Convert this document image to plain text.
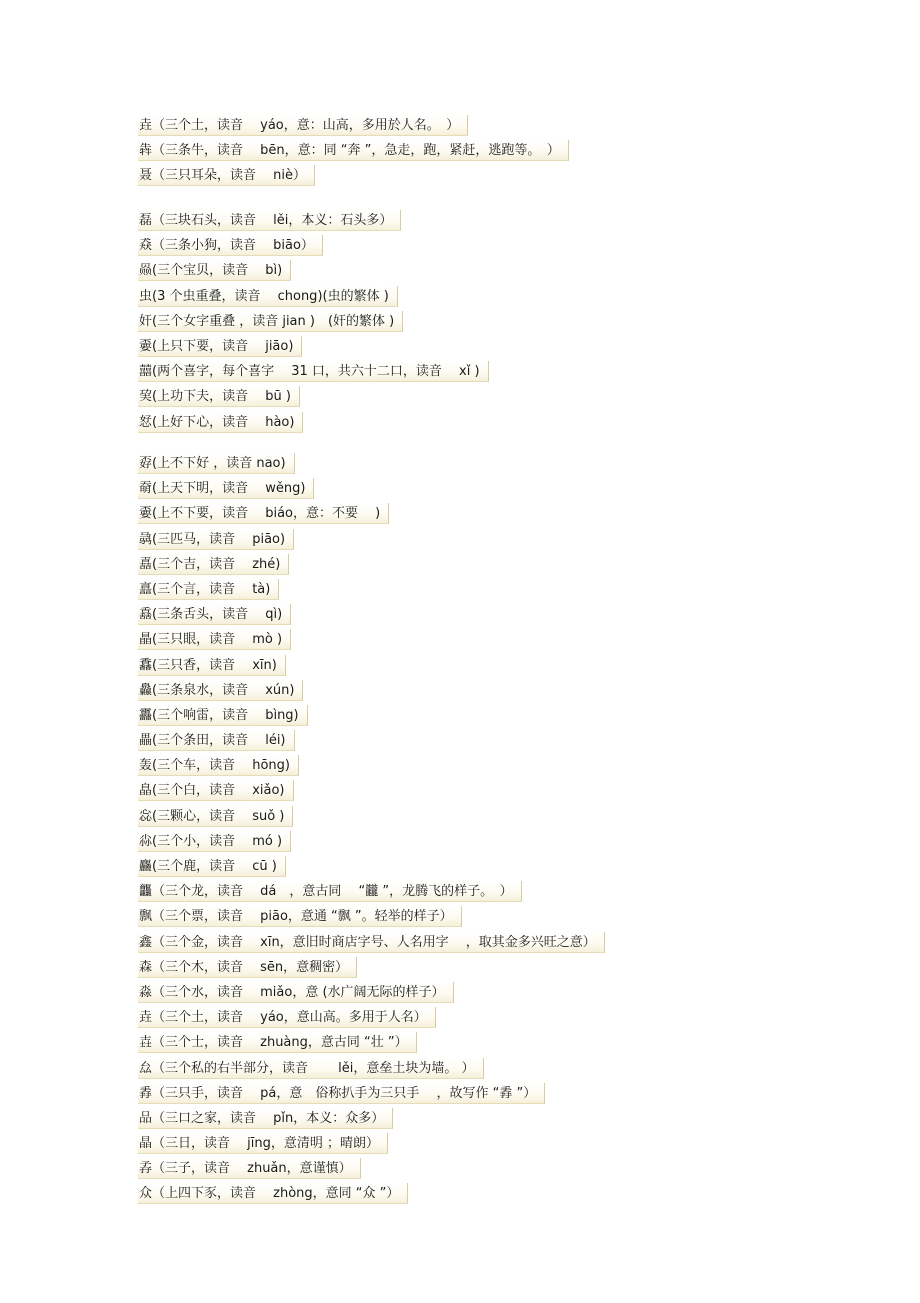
垚（三个土，读音　 yáo，意：山高，多用於人名。　）
犇（三条牛，读音　 bēn，意：同 “奔 ”，急走，跑，紧赶，逃跑等。　）
聂（三只耳朵，读音　 niè）
磊（三块石头，读音　 lěi，本义：石头多）
猋（三条小狗，读音　 biāo）
赑(三个宝贝，读音　 bì)
虫(3 个虫重叠，读音　 chong)(虫的繁体 )
奸(三个女字重叠 ，读音 jian )　(奸的繁体 )
嫑(上只下要，读音　 jiāo)
囍(两个喜字，每个喜字　 31 口，共六十二口，读音　 xǐ )
巭(上功下夫，读音　 bū )
恏(上好下心，读音　 hào)
孬(上不下好 ，读音 nao)
奣(上天下明，读音　 wěng)
嫑(上不下要，读音　 biáo，意：不要　 )
骉(三匹马，读音　 piāo)
嚞(三个吉，读音　 zhé)
譶(三个言，读音　 tà)
舙(三条舌头，读音　 qì)
瞐(三只眼，读音　 mò )
馫(三只香，读音　 xīn)
灥(三条泉水，读音　 xún)
靐(三个响雷，读音　 bìng)
畾(三个条田，读音　 léi)
轰(三个车，读音　 hōng)
皛(三个白，读音　 xiǎo)
惢(三颗心，读音　 suǒ )
尛(三个小，读音　 mó )
麤(三个鹿，读音　 cū )
龘（三个龙，读音　 dá　，意古同　 “龖 ”，龙腾飞的样子。　）
飘（三个票，读音　 piāo，意通 “飘 ”。轻举的样子）
鑫（三个金，读音　 xīn，意旧时商店字号、人名用字　 ，取其金多兴旺之意）
森（三个木，读音　 sēn，意稠密）
淼（三个水，读音　 miǎo，意 (水广阔无际的样子）
垚（三个土，读音　 yáo，意山高。多用于人名）
壵（三个士，读音　 zhuàng，意古同 “壮 ”）
厽（三个私的右半部分，读音　　 lěi，意垒土块为墙。 ）
掱（三只手，读音　 pá，意　俗称扒手为三只手　 ，故写作 “掱 ”）
品（三口之家，读音　 pǐn，本义：众多）
晶（三日，读音　 jīng，意清明 ；晴朗）
孨（三子，读音　 zhuǎn，意谨慎）
众（上四下豕，读音　 zhòng，意同 “众 ”）
